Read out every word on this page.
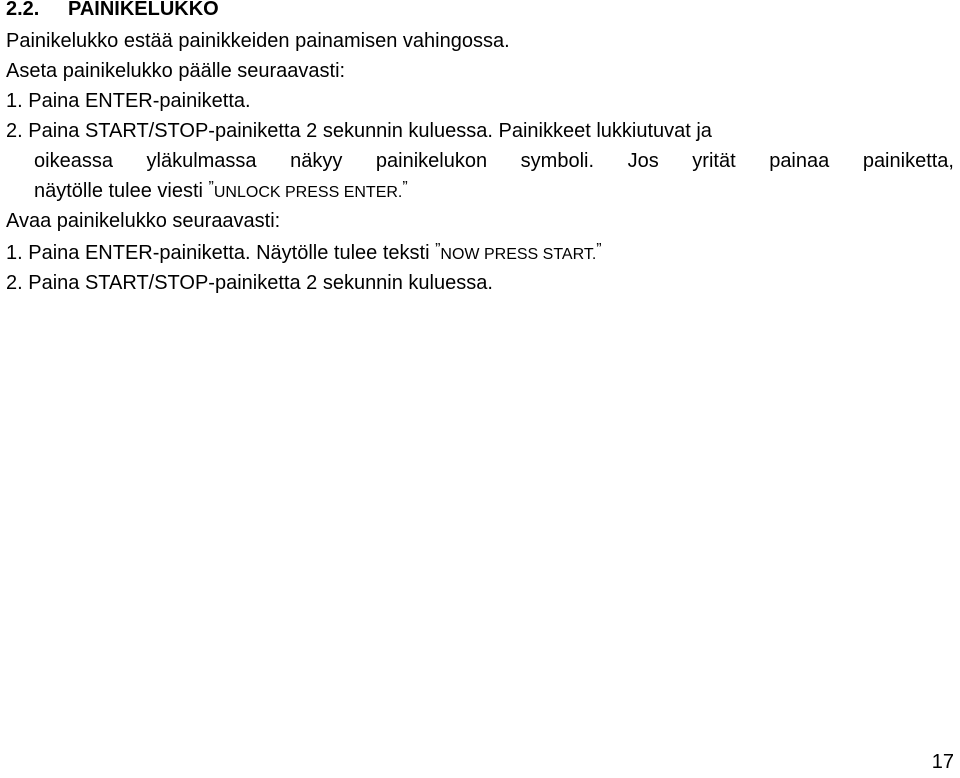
2.2. PAINIKELUKKO
Painikelukko estää painikkeiden painamisen vahingossa.
Aseta painikelukko päälle seuraavasti:
1. Paina ENTER-painiketta.
2. Paina START/STOP-painiketta 2 sekunnin kuluessa. Painikkeet lukkiutuvat ja
oikeassa yläkulmassa näkyy painikelukon symboli. Jos yrität painaa painiketta,
näytölle tulee viesti ”UNLOCK PRESS ENTER.”
Avaa painikelukko seuraavasti:
1. Paina ENTER-painiketta. Näytölle tulee teksti ”NOW PRESS START.”
2. Paina START/STOP-painiketta 2 sekunnin kuluessa.
17
